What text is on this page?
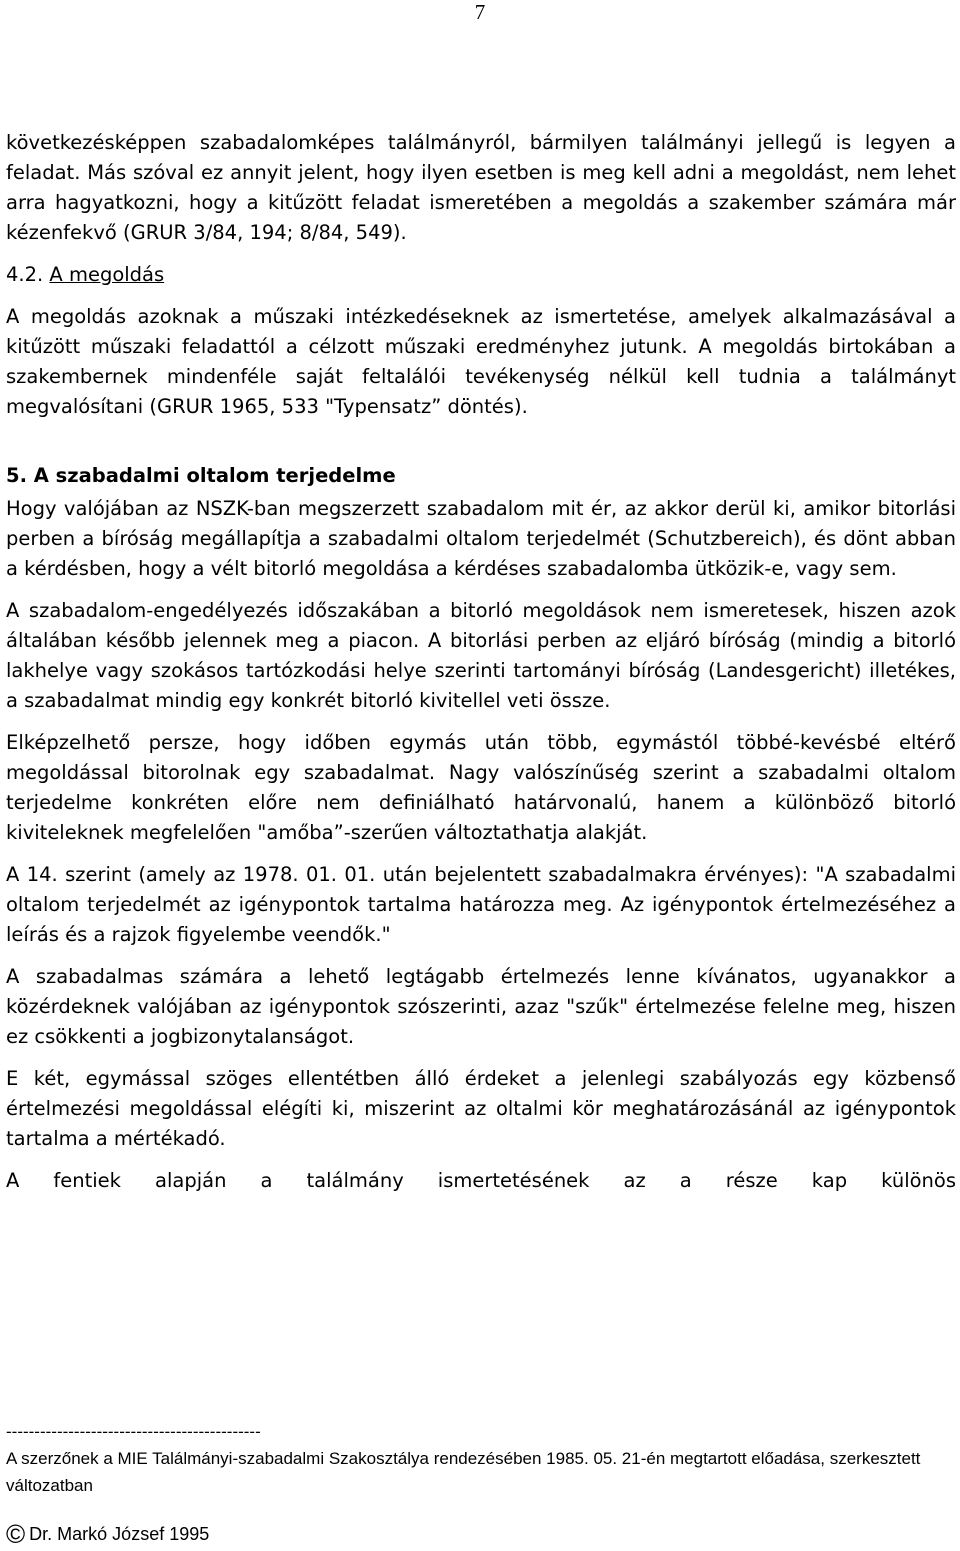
7

következésképpen szabadalomképes találmányról, bármilyen találmányi jellegű is legyen a feladat. Más szóval ez annyit jelent, hogy ilyen esetben is meg kell adni a megoldást, nem lehet arra hagyatkozni, hogy a kitűzött feladat ismeretében a megoldás a szakember számára már kézenfekvő (GRUR 3/84, 194; 8/84, 549).

4.2. A megoldás

A megoldás azoknak a műszaki intézkedéseknek az ismertetése, amelyek alkalmazásával a kitűzött műszaki feladattól a célzott műszaki eredményhez jutunk. A megoldás birtokában a szakembernek mindenféle saját feltalálói tevékenység nélkül kell tudnia a találmányt megvalósítani (GRUR 1965, 533 "Typensatz” döntés).

5. A szabadalmi oltalom terjedelme

Hogy valójában az NSZK-ban megszerzett szabadalom mit ér, az akkor derül ki, amikor bitorlási perben a bíróság megállapítja a szabadalmi oltalom terjedelmét (Schutzbereich), és dönt abban a kérdésben, hogy a vélt bitorló megoldása a kérdéses szabadalomba ütközik-e, vagy sem.

A szabadalom-engedélyezés időszakában a bitorló megoldások nem ismeretesek, hiszen azok általában később jelennek meg a piacon. A bitorlási perben az eljáró bíróság (mindig a bitorló lakhelye vagy szokásos tartózkodási helye szerinti tartományi bíróság (Landesgericht) illetékes, a szabadalmat mindig egy konkrét bitorló kivitellel veti össze.

Elképzelhető persze, hogy időben egymás után több, egymástól többé-kevésbé eltérő megoldással bitorolnak egy szabadalmat. Nagy valószínűség szerint a szabadalmi oltalom terjedelme konkréten előre nem definiálható határvonalú, hanem a különböző bitorló kiviteleknek megfelelően "amőba”-szerűen változtathatja alakját.

A 14. szerint (amely az 1978. 01. 01. után bejelentett szabadalmakra érvényes): "A szabadalmi oltalom terjedelmét az igénypontok tartalma határozza meg. Az igénypontok értelmezéséhez a leírás és a rajzok figyelembe veendők."

A szabadalmas számára a lehető legtágabb értelmezés lenne kívánatos, ugyanakkor a közérdeknek valójában az igénypontok szószerinti, azaz "szűk" értelmezése felelne meg, hiszen ez csökkenti a jogbizonytalanságot.

E két, egymással szöges ellentétben álló érdeket a jelenlegi szabályozás egy közbenső értelmezési megoldással elégíti ki, miszerint az oltalmi kör meghatározásánál az igénypontok tartalma a mértékadó.

A fentiek alapján a találmány ismertetésének az a része kap különös

---------------------------------------------
A szerzőnek a MIE Találmányi-szabadalmi Szakosztálya rendezésében 1985. 05. 21-én megtartott előadása, szerkesztett változatban
© Dr. Markó József 1995
